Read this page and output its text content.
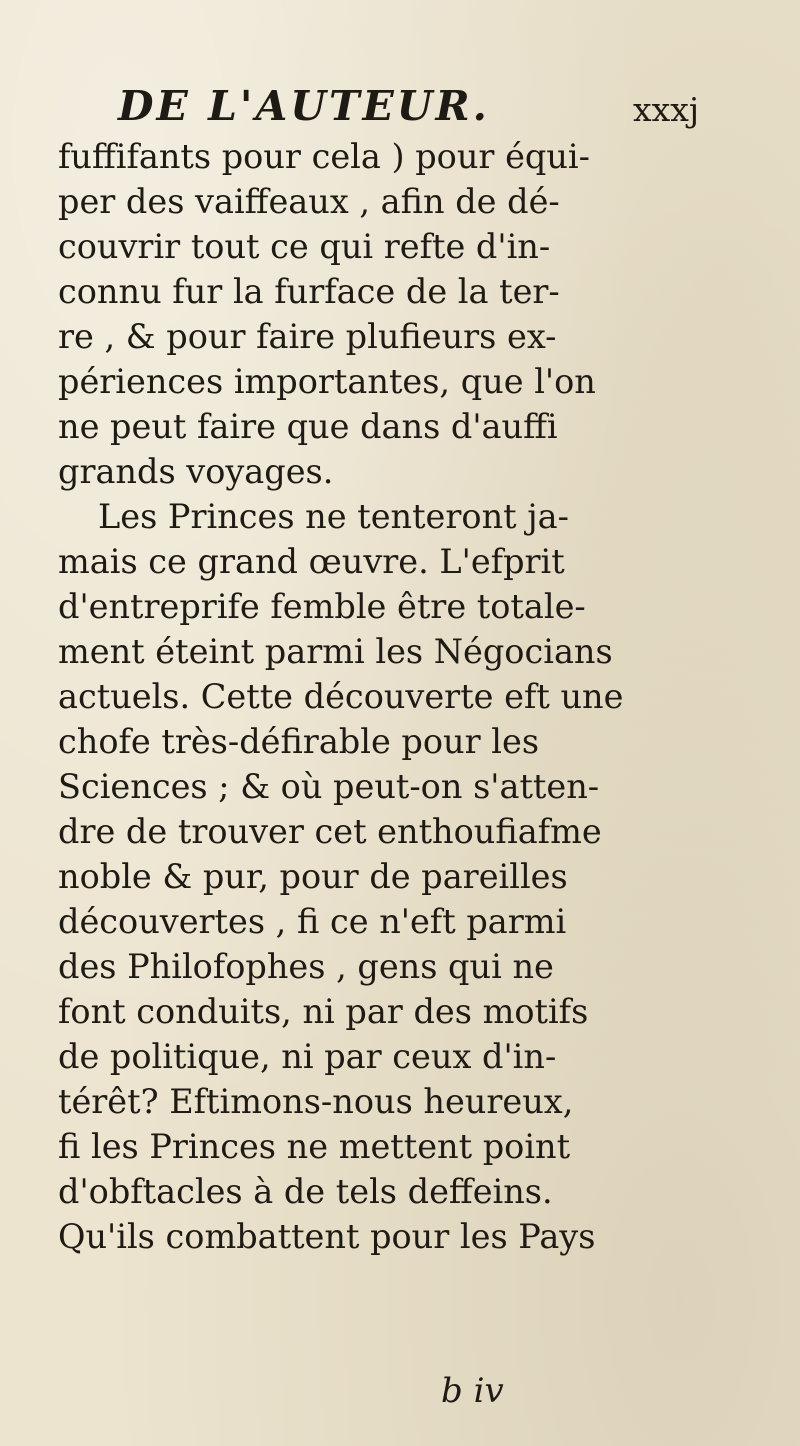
DE L'AUTEUR.	xxxj
fuffifants pour cela ) pour équi-
per des vaiffeaux , afin de dé-
couvrir tout ce qui refte d'in-
connu fur la furface de la ter-
re , & pour faire plufieurs ex-
périences importantes, que l'on
ne peut faire que dans d'auffi
grands voyages.
Les Princes ne tenteront ja-
mais ce grand œuvre. L'efprit
d'entreprife femble être totale-
ment éteint parmi les Négocians
actuels. Cette découverte eft une
chofe très-défirable pour les
Sciences ; & où peut-on s'atten-
dre de trouver cet enthoufiafme
noble & pur, pour de pareilles
découvertes , fi ce n'eft parmi
des Philofophes , gens qui ne
font conduits, ni par des motifs
de politique, ni par ceux d'in-
térêt? Eftimons-nous heureux,
fi les Princes ne mettent point
d'obftacles à de tels deffeins.
Qu'ils combattent pour les Pays
b iv
